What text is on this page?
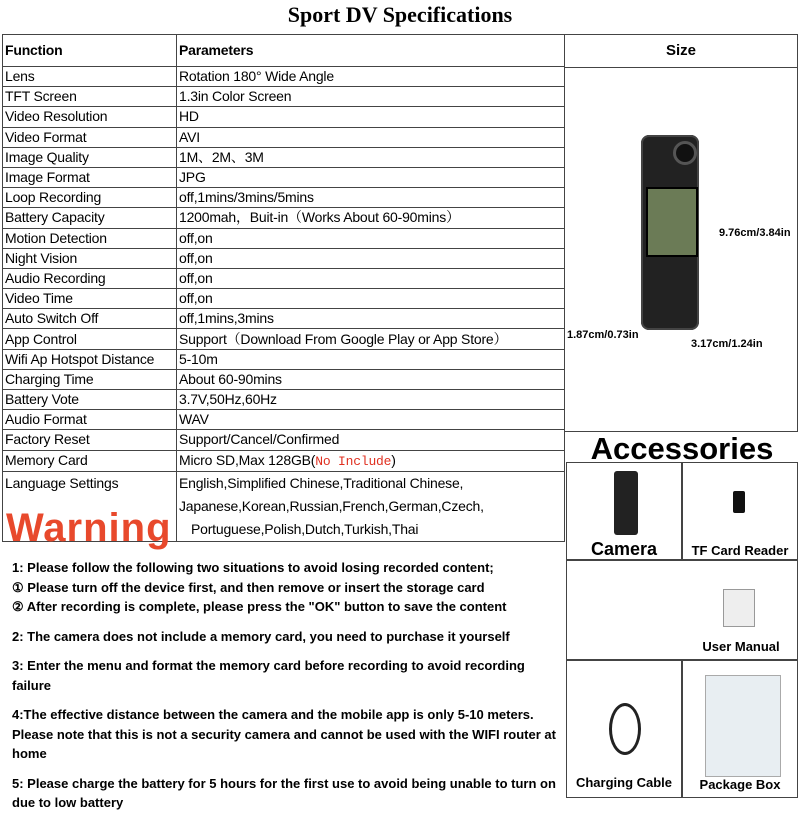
Sport DV Specifications
Function	Parameters
Lens	Rotation 180° Wide Angle
TFT Screen	1.3in Color Screen
Video Resolution	HD
Video Format	AVI
Image Quality	1M、2M、3M
Image Format	JPG
Loop Recording	off,1mins/3mins/5mins
Battery Capacity	1200mah，Buit-in（Works About 60-90mins）
Motion Detection	off,on
Night Vision	off,on
Audio Recording	off,on
Video Time	off,on
Auto Switch Off	off,1mins,3mins
App Control	Support（Download From Google Play or App Store）
Wifi Ap Hotspot Distance	5-10m
Charging Time	About 60-90mins
Battery Vote	3.7V,50Hz,60Hz
Audio Format	WAV
Factory Reset	Support/Cancel/Confirmed
Memory Card	Micro SD,Max 128GB(No Include)
Language Settings	English,Simplified Chinese,Traditional Chinese,
Japanese,Korean,Russian,French,German,Czech,
Portuguese,Polish,Dutch,Turkish,Thai
Size
9.76cm/3.84in
1.87cm/0.73in
3.17cm/1.24in
Accessories
Camera	TF Card Reader
User Manual
Charging Cable	Package Box
Warning

1: Please follow the following two situations to avoid losing recorded content;

① Please turn off the device first, and then remove or insert the storage card

② After recording is complete, please press the "OK" button to save the content

2: The camera does not include a memory card, you need to purchase it yourself

3: Enter the menu and format the memory card before recording to avoid recording failure

4:The effective distance between the camera and the mobile app is only 5-10 meters. Please note that this is not a security camera and cannot be used with the WIFI router at home

5: Please charge the battery for 5 hours for the first use to avoid being unable to turn on due to low battery
